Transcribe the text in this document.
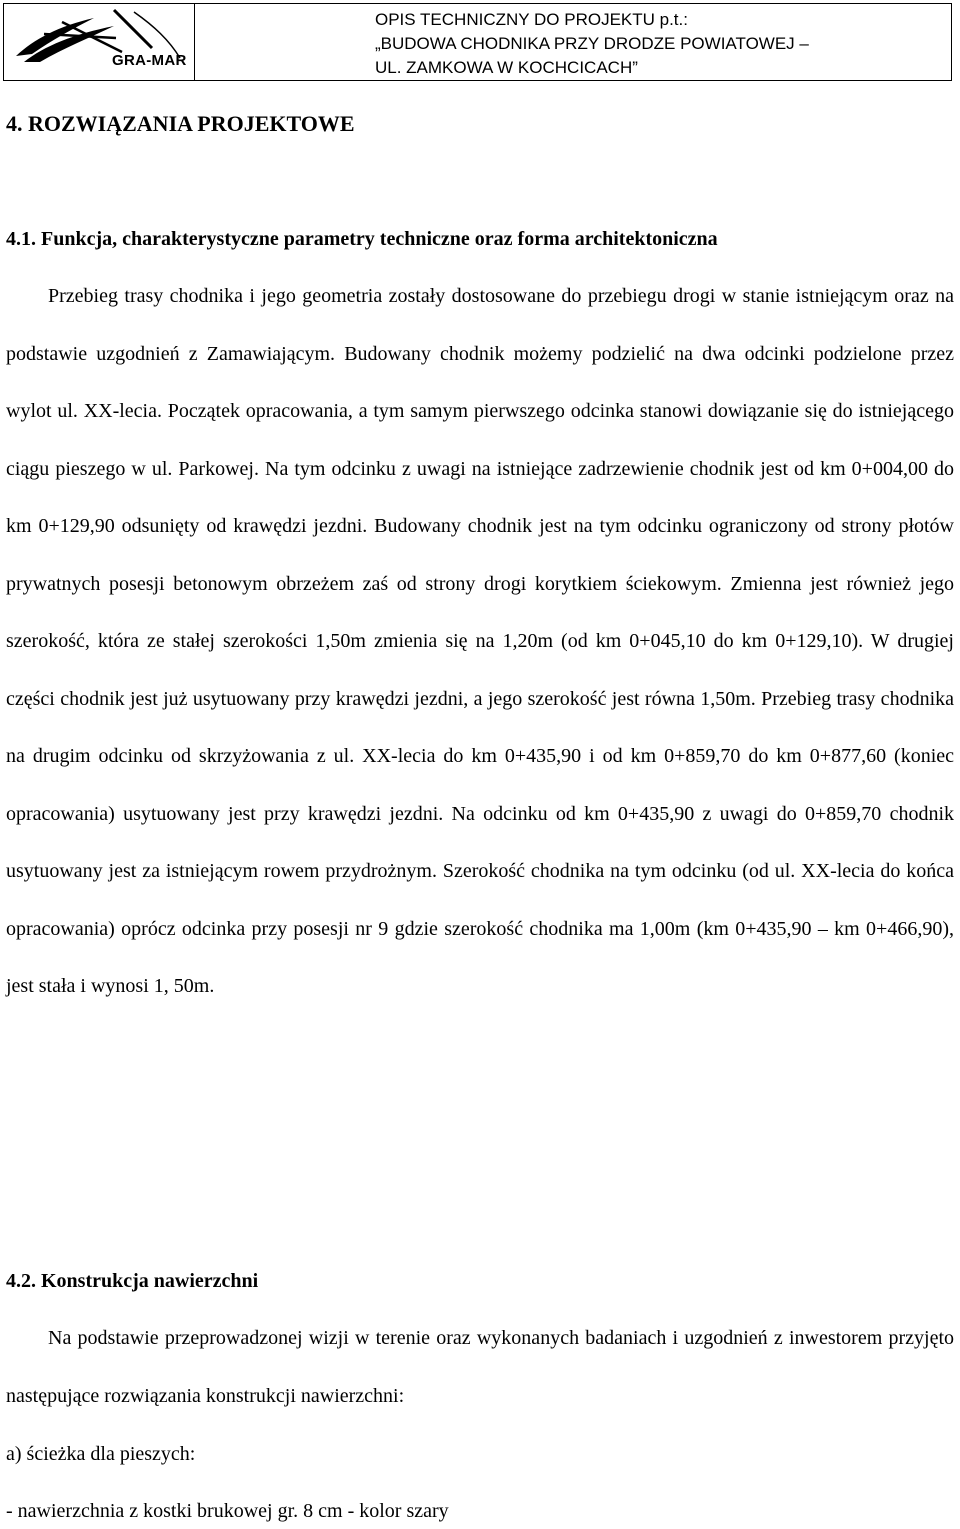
GRA-MAR
OPIS TECHNICZNY DO PROJEKTU p.t.:
„BUDOWA CHODNIKA PRZY DRODZE POWIATOWEJ –
UL. ZAMKOWA W KOCHCICACH”
4. ROZWIĄZANIA PROJEKTOWE
4.1. Funkcja, charakterystyczne parametry techniczne oraz forma architektoniczna
Przebieg trasy chodnika i jego geometria zostały dostosowane do przebiegu drogi w stanie istniejącym oraz na podstawie uzgodnień z Zamawiającym. Budowany chodnik możemy podzielić na dwa odcinki podzielone przez wylot ul. XX-lecia. Początek opracowania, a tym samym pierwszego odcinka stanowi dowiązanie się do istniejącego ciągu pieszego w ul. Parkowej. Na tym odcinku z uwagi na istniejące zadrzewienie chodnik jest od km 0+004,00 do km 0+129,90 odsunięty od krawędzi jezdni. Budowany chodnik jest na tym odcinku ograniczony od strony płotów prywatnych posesji betonowym obrzeżem zaś od strony drogi korytkiem ściekowym. Zmienna jest również jego szerokość, która ze stałej szerokości 1,50m zmienia się na 1,20m (od km 0+045,10 do km 0+129,10). W drugiej części chodnik jest już usytuowany przy krawędzi jezdni, a jego szerokość jest równa 1,50m. Przebieg trasy chodnika na drugim odcinku od skrzyżowania z ul. XX-lecia do km 0+435,90 i od km 0+859,70 do km 0+877,60 (koniec opracowania) usytuowany jest przy krawędzi jezdni. Na odcinku od km 0+435,90 z uwagi do 0+859,70 chodnik usytuowany jest za istniejącym rowem przydrożnym. Szerokość chodnika na tym odcinku (od ul. XX-lecia do końca opracowania) oprócz odcinka przy posesji nr 9 gdzie szerokość chodnika ma 1,00m (km 0+435,90 – km 0+466,90), jest stała i wynosi 1, 50m.
4.2. Konstrukcja nawierzchni
Na podstawie przeprowadzonej wizji w terenie oraz wykonanych badaniach i uzgodnień z inwestorem przyjęto następujące rozwiązania konstrukcji nawierzchni:
a) ścieżka dla pieszych:
- nawierzchnia z kostki brukowej gr. 8 cm - kolor szary
